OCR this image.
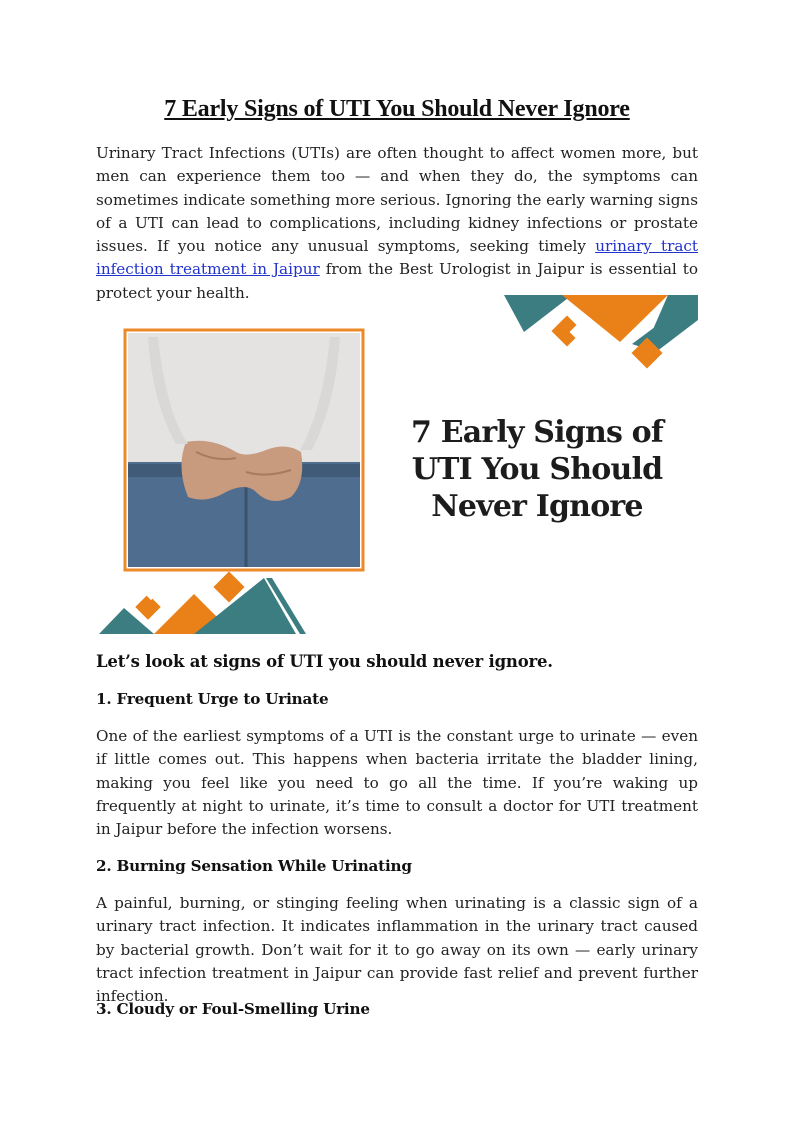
7 Early Signs of UTI You Should Never Ignore

Urinary Tract Infections (UTIs) are often thought to affect women more, but men can experience them too — and when they do, the symptoms can sometimes indicate something more serious. Ignoring the early warning signs of a UTI can lead to complications, including kidney infections or prostate issues. If you notice any unusual symptoms, seeking timely urinary tract infection treatment in Jaipur from the Best Urologist in Jaipur is essential to protect your health.

7 Early Signs of UTI You Should Never Ignore

Let’s look at signs of UTI you should never ignore.
1. Frequent Urge to Urinate

One of the earliest symptoms of a UTI is the constant urge to urinate — even if little comes out. This happens when bacteria irritate the bladder lining, making you feel like you need to go all the time. If you’re waking up frequently at night to urinate, it’s time to consult a doctor for UTI treatment in Jaipur before the infection worsens.

2. Burning Sensation While Urinating

A painful, burning, or stinging feeling when urinating is a classic sign of a urinary tract infection. It indicates inflammation in the urinary tract caused by bacterial growth. Don’t wait for it to go away on its own — early urinary tract infection treatment in Jaipur can provide fast relief and prevent further infection.

3. Cloudy or Foul-Smelling Urine
